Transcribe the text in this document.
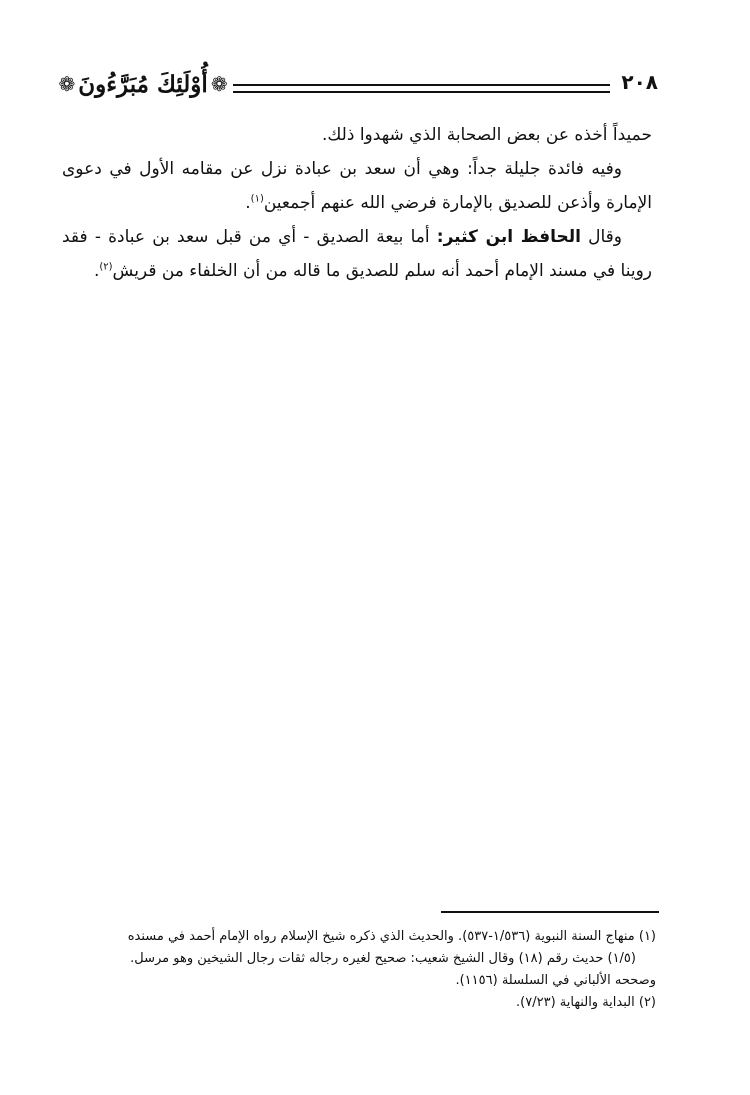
❁ أُوْلَئِكَ مُبَرَّءُونَ ❁	٢٠٨

حميداً أخذه عن بعض الصحابة الذي شهدوا ذلك.

وفيه فائدة جليلة جداً: وهي أن سعد بن عبادة نزل عن مقامه الأول في دعوى الإمارة وأذعن للصديق بالإمارة فرضي الله عنهم أجمعين$^{(١)}$.

وقال الحافظ ابن كثير: أما بيعة الصديق - أي من قبل سعد بن عبادة - فقد روينا في مسند الإمام أحمد أنه سلم للصديق ما قاله من أن الخلفاء من قريش$^{(٢)}$.

(١) منهاج السنة النبوية (١/٥٣٦-٥٣٧). والحديث الذي ذكره شيخ الإسلام رواه الإمام أحمد في مسنده

(١/٥) حديث رقم (١٨) وقال الشيخ شعيب: صحيح لغيره رجاله ثقات رجال الشيخين وهو مرسل.

وصححه الألباني في السلسلة (١١٥٦).

(٢) البداية والنهاية (٧/٢٣).
